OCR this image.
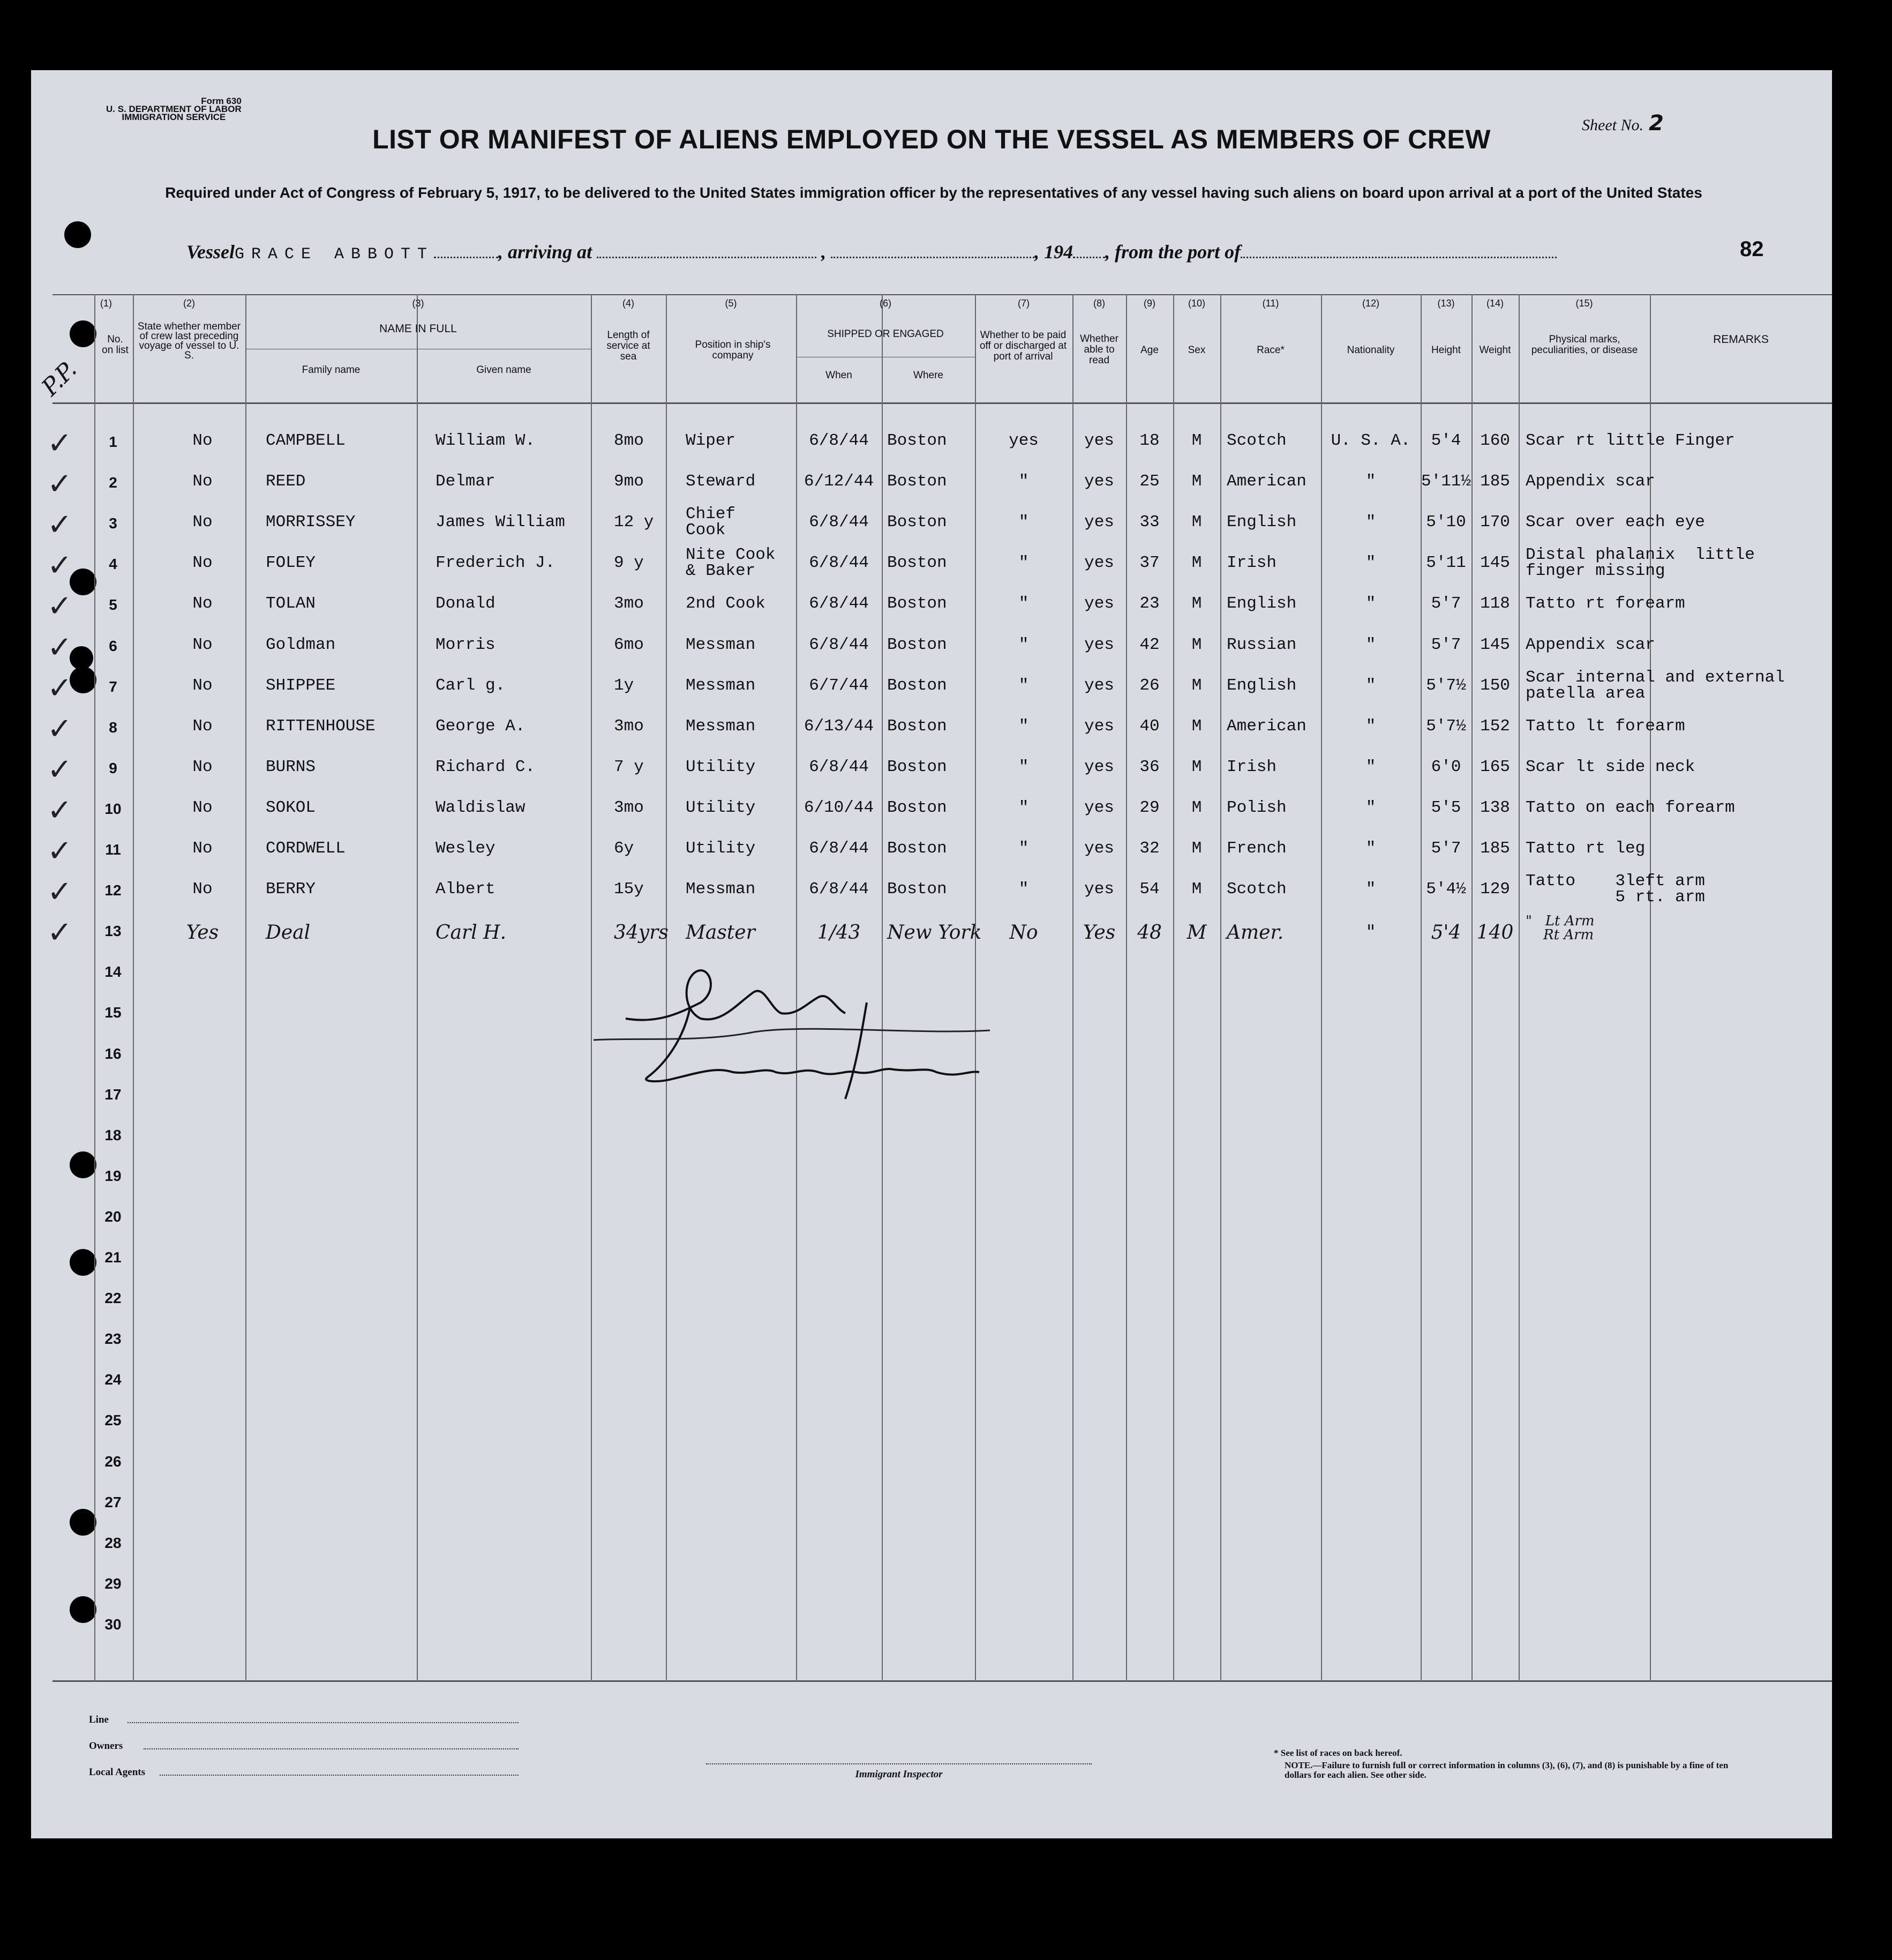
Form 630
U. S. DEPARTMENT OF LABOR
IMMIGRATION SERVICE	Sheet No. 2
LIST OR MANIFEST OF ALIENS EMPLOYED ON THE VESSEL AS MEMBERS OF CREW
Required under Act of Congress of February 5, 1917, to be delivered to the United States immigration officer by the representatives of any vessel having such aliens on board upon arrival at a port of the United States
VesselGRACE ABBOTT	, arriving at	,	, 194 , from the port of	82
(1)
No. on list
(2)
State whether member of crew last preceding voyage of vessel to U. S.
(3)
NAME IN FULL
Family name	Given name
(4)
Length of service at sea
(5)
Position in ship's company
(6)
SHIPPED OR ENGAGED
When	Where
(7)
Whether to be paid off or discharged at port of arrival
(8)
Whether able to read
(9)
Age
(10)
Sex
(11)
Race*
(12)
Nationality
(13)
Height
(14)
Weight
(15)
Physical marks, peculiarities, or disease
REMARKS
P.P.
1
✓	No	CAMPBELL	William W.	8mo	Wiper	6/8/44	Boston	yes	yes	18	M	Scotch	U. S. A.	5'4	160 Scar rt little Finger
2
✓	No	REED	Delmar	9mo	Steward	6/12/44 Boston	"	yes	25	M	American	"	5'11½ 185 Appendix scar
3
✓	No	MORRISSEY	James William	12 y Chief
Cook	6/8/44	Boston	"	yes	33	M	English	"	5'10 170 Scar over each eye
4
✓	No	FOLEY	Frederich J.	9 y	Nite Cook
& Baker	6/8/44	Boston	"	yes	37	M	Irish	"	5'11 145 Distal phalanix  little
finger missing
5
✓	No	TOLAN	Donald	3mo	2nd Cook	6/8/44	Boston	"	yes	23	M	English	"	5'7	118 Tatto rt forearm
6
✓	No	Goldman	Morris	6mo	Messman	6/8/44	Boston	"	yes	42	M	Russian	"	5'7	145 Appendix scar
7
✓	No	SHIPPEE	Carl g.	1y	Messman	6/7/44	Boston	"	yes	26	M	English	"	5'7½ 150 Scar internal and external
patella area
8
✓	No	RITTENHOUSE	George A.	3mo	Messman	6/13/44 Boston	"	yes	40	M	American	"	5'7½ 152 Tatto lt forearm
9
✓	No	BURNS	Richard C.	7 y	Utility	6/8/44	Boston	"	yes	36	M	Irish	"	6'0	165 Scar lt side neck
10
✓	No	SOKOL	Waldislaw	3mo	Utility	6/10/44 Boston	"	yes	29	M	Polish	"	5'5	138 Tatto on each forearm
11
✓	No	CORDWELL	Wesley	6y	Utility	6/8/44	Boston	"	yes	32	M	French	"	5'7	185 Tatto rt leg
12
✓	No	BERRY	Albert	15y	Messman	6/8/44	Boston	"	yes	54	M	Scotch	"	5'4½ 129 Tatto    3left arm
5 rt. arm
13
✓	Yes	Deal	Carl H.	34yrs Master	1/43	New York	No	Yes	48	M	Amer.	"	5'4 140
"   Lt Arm
Rt Arm
14
15
16
17
18
19
20
21
22
23
24
25
26
27
28
29
30
Line
Owners
Local Agents	Immigrant Inspector
* See list of races on back hereof.
NOTE.—Failure to furnish full or correct information in columns (3), (6), (7), and (8) is punishable by a fine of ten dollars for each alien. See other side.
